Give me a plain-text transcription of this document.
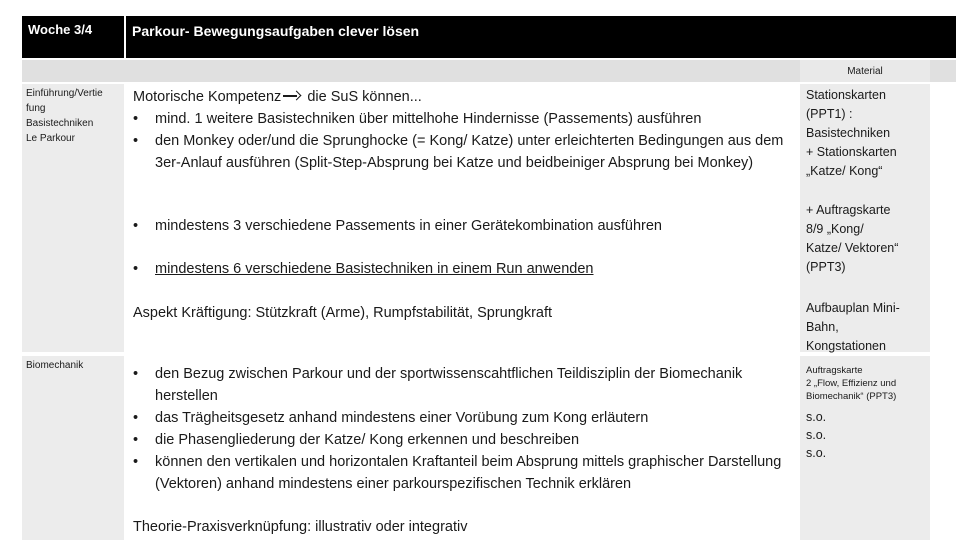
Woche 3/4	Parkour- Bewegungsaufgaben clever lösen
Material
Einführung/Vertie
fung
Basistechniken
Le Parkour
Biomechanik
Motorische Kompetenz die SuS können...
• mind. 1 weitere Basistechniken über mittelhohe Hindernisse (Passements) ausführen
• den Monkey oder/und die Sprunghocke (= Kong/ Katze) unter erleichterten Bedingungen aus dem 3er-Anlauf ausführen (Split-Step-Absprung bei Katze und beidbeiniger Absprung bei Monkey)
• mindestens 3 verschiedene Passements in einer Gerätekombination ausführen
• mindestens 6 verschiedene Basistechniken in einem Run anwenden
Aspekt Kräftigung: Stützkraft (Arme), Rumpfstabilität, Sprungkraft
• den Bezug zwischen Parkour und der sportwissenscahtflichen Teildisziplin der Biomechanik herstellen
• das Trägheitsgesetz anhand mindestens einer Vorübung zum Kong erläutern
• die Phasengliederung der Katze/ Kong erkennen und beschreiben
• können den vertikalen und horizontalen Kraftanteil beim Absprung mittels graphischer Darstellung (Vektoren) anhand mindestens einer parkourspezifischen Technik erklären
Theorie-Praxisverknüpfung: illustrativ oder integrativ
Stationskarten
(PPT1) :
Basistechniken
+ Stationskarten
„Katze/ Kong“
+ Auftragskarte
8/9 „Kong/
Katze/ Vektoren“
(PPT3)
Aufbauplan Mini-
Bahn,
Kongstationen
Auftragskarte
2 „Flow, Effizienz und
Biomechanik“ (PPT3)
s.o.
s.o.
s.o.
